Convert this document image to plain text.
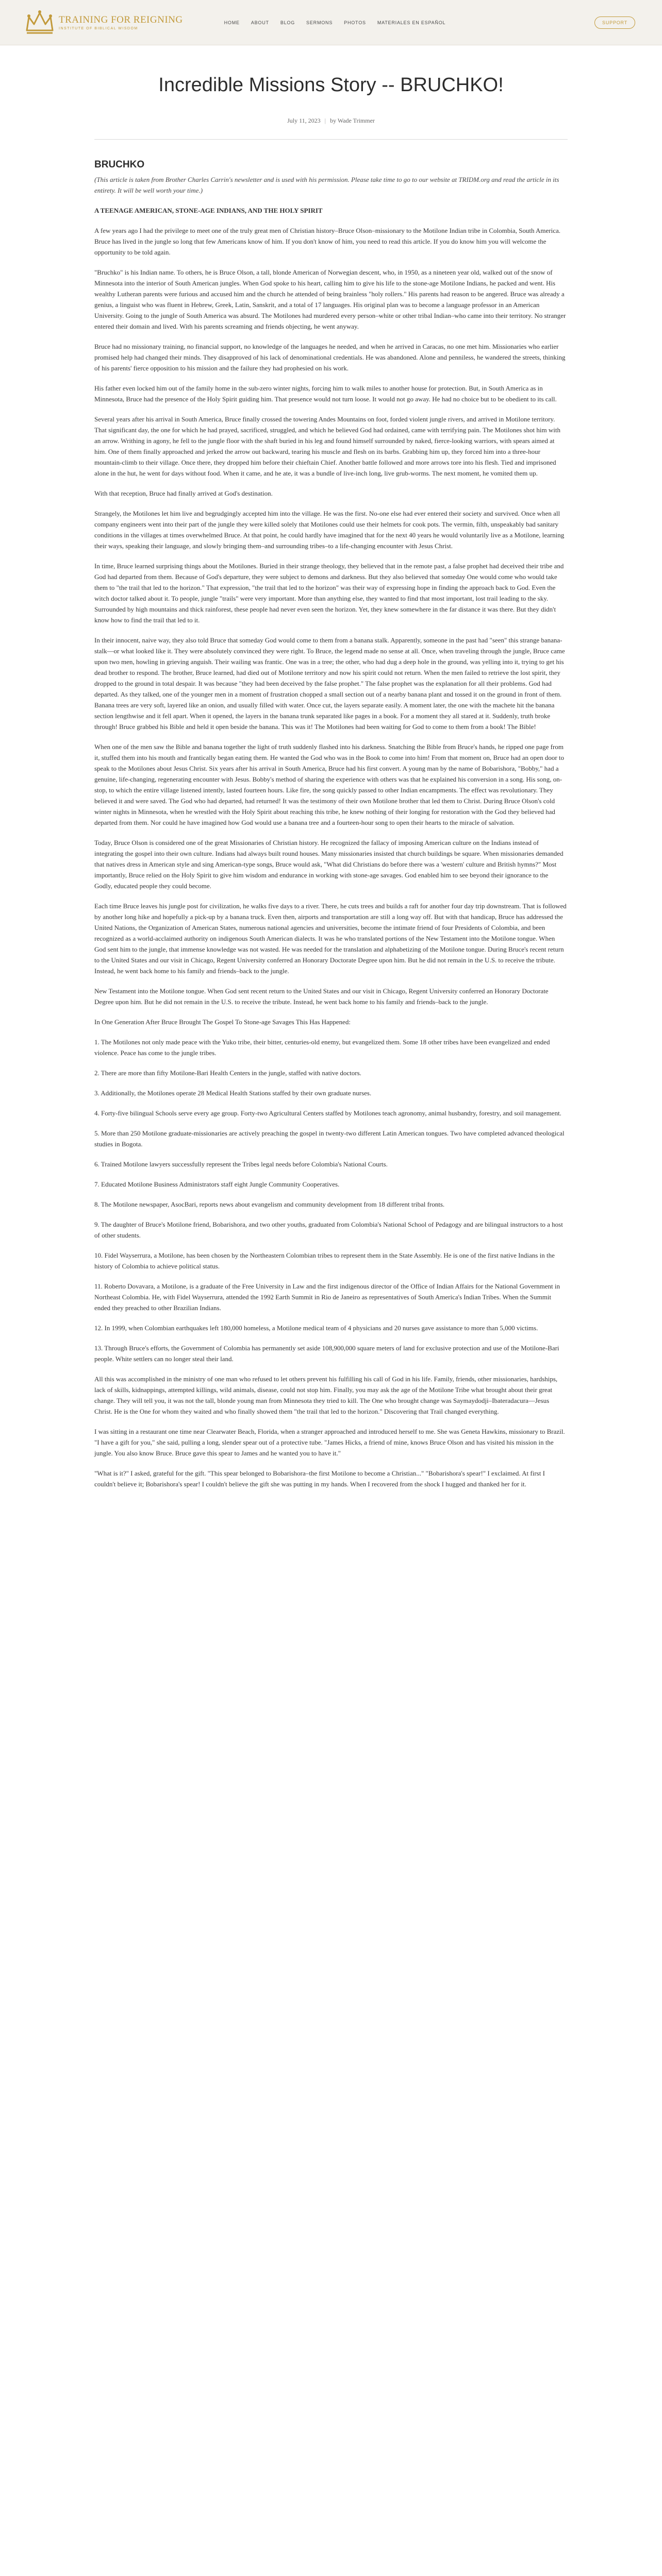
TRAINING FOR REIGNING
INSTITUTE OF BIBLICAL WISDOM
HOME ABOUT BLOG SERMONS PHOTOS MATERIALES EN ESPAÑOL	SUPPORT
Incredible Missions Story -- BRUCHKO!
July 11, 2023 | by Wade Trimmer
BRUCHKO

(This article is taken from Brother Charles Carrin's newsletter and is used with his permission. Please take time to go to our website at TRIDM.org and read the article in its entirety. It will be well worth your time.)

A TEENAGE AMERICAN, STONE-AGE INDIANS, AND THE HOLY SPIRIT

A few years ago I had the privilege to meet one of the truly great men of Christian history–Bruce Olson–missionary to the Motilone Indian tribe in Colombia, South America. Bruce has lived in the jungle so long that few Americans know of him. If you don't know of him, you need to read this article. If you do know him you will welcome the opportunity to be told again.

"Bruchko" is his Indian name. To others, he is Bruce Olson, a tall, blonde American of Norwegian descent, who, in 1950, as a nineteen year old, walked out of the snow of Minnesota into the interior of South American jungles. When God spoke to his heart, calling him to give his life to the stone-age Motilone Indians, he packed and went. His wealthy Lutheran parents were furious and accused him and the church he attended of being brainless "holy rollers." His parents had reason to be angered. Bruce was already a genius, a linguist who was fluent in Hebrew, Greek, Latin, Sanskrit, and a total of 17 languages. His original plan was to become a language professor in an American University. Going to the jungle of South America was absurd. The Motilones had murdered every person–white or other tribal Indian–who came into their territory. No stranger entered their domain and lived. With his parents screaming and friends objecting, he went anyway.

Bruce had no missionary training, no financial support, no knowledge of the languages he needed, and when he arrived in Caracas, no one met him. Missionaries who earlier promised help had changed their minds. They disapproved of his lack of denominational credentials. He was abandoned. Alone and penniless, he wandered the streets, thinking of his parents' fierce opposition to his mission and the failure they had prophesied on his work.

His father even locked him out of the family home in the sub-zero winter nights, forcing him to walk miles to another house for protection. But, in South America as in Minnesota, Bruce had the presence of the Holy Spirit guiding him. That presence would not turn loose. It would not go away. He had no choice but to be obedient to its call.

Several years after his arrival in South America, Bruce finally crossed the towering Andes Mountains on foot, forded violent jungle rivers, and arrived in Motilone territory. That significant day, the one for which he had prayed, sacrificed, struggled, and which he believed God had ordained, came with terrifying pain. The Motilones shot him with an arrow. Writhing in agony, he fell to the jungle floor with the shaft buried in his leg and found himself surrounded by naked, fierce-looking warriors, with spears aimed at him. One of them finally approached and jerked the arrow out backward, tearing his muscle and flesh on its barbs. Grabbing him up, they forced him into a three-hour mountain-climb to their village. Once there, they dropped him before their chieftain Chief. Another battle followed and more arrows tore into his flesh. Tied and imprisoned alone in the hut, he went for days without food. When it came, and he ate, it was a bundle of live-inch long, live grub-worms. The next moment, he vomited them up.

With that reception, Bruce had finally arrived at God's destination.

Strangely, the Motilones let him live and begrudgingly accepted him into the village. He was the first. No-one else had ever entered their society and survived. Once when all company engineers went into their part of the jungle they were killed solely that Motilones could use their helmets for cook pots. The vermin, filth, unspeakably bad sanitary conditions in the villages at times overwhelmed Bruce. At that point, he could hardly have imagined that for the next 40 years he would voluntarily live as a Motilone, learning their ways, speaking their language, and slowly bringing them–and surrounding tribes–to a life-changing encounter with Jesus Christ.

In time, Bruce learned surprising things about the Motilones. Buried in their strange theology, they believed that in the remote past, a false prophet had deceived their tribe and God had departed from them. Because of God's departure, they were subject to demons and darkness. But they also believed that someday One would come who would take them to "the trail that led to the horizon." That expression, "the trail that led to the horizon" was their way of expressing hope in finding the approach back to God. Even the witch doctor talked about it. To people, jungle "trails" were very important. More than anything else, they wanted to find that most important, lost trail leading to the sky. Surrounded by high mountains and thick rainforest, these people had never even seen the horizon. Yet, they knew somewhere in the far distance it was there. But they didn't know how to find the trail that led to it.

In their innocent, naive way, they also told Bruce that someday God would come to them from a banana stalk. Apparently, someone in the past had "seen" this strange banana-stalk—or what looked like it. They were absolutely convinced they were right. To Bruce, the legend made no sense at all. Once, when traveling through the jungle, Bruce came upon two men, howling in grieving anguish. Their wailing was frantic. One was in a tree; the other, who had dug a deep hole in the ground, was yelling into it, trying to get his dead brother to respond. The brother, Bruce learned, had died out of Motilone territory and now his spirit could not return. When the men failed to retrieve the lost spirit, they dropped to the ground in total despair. It was because "they had been deceived by the false prophet." The false prophet was the explanation for all their problems. God had departed. As they talked, one of the younger men in a moment of frustration chopped a small section out of a nearby banana plant and tossed it on the ground in front of them. Banana trees are very soft, layered like an onion, and usually filled with water. Once cut, the layers separate easily. A moment later, the one with the machete hit the banana section lengthwise and it fell apart. When it opened, the layers in the banana trunk separated like pages in a book. For a moment they all stared at it. Suddenly, truth broke through! Bruce grabbed his Bible and held it open beside the banana. This was it! The Motilones had been waiting for God to come to them from a book! The Bible!

When one of the men saw the Bible and banana together the light of truth suddenly flashed into his darkness. Snatching the Bible from Bruce's hands, he ripped one page from it, stuffed them into his mouth and frantically began eating them. He wanted the God who was in the Book to come into him! From that moment on, Bruce had an open door to speak to the Motilones about Jesus Christ. Six years after his arrival in South America, Bruce had his first convert. A young man by the name of Bobarishora, "Bobby," had a genuine, life-changing, regenerating encounter with Jesus. Bobby's method of sharing the experience with others was that he explained his conversion in a song. His song, on-stop, to which the entire village listened intently, lasted fourteen hours. Like fire, the song quickly passed to other Indian encampments. The effect was revolutionary. They believed it and were saved. The God who had departed, had returned! It was the testimony of their own Motilone brother that led them to Christ. During Bruce Olson's cold winter nights in Minnesota, when he wrestled with the Holy Spirit about reaching this tribe, he knew nothing of their longing for restoration with the God they believed had departed from them. Nor could he have imagined how God would use a banana tree and a fourteen-hour song to open their hearts to the miracle of salvation.

Today, Bruce Olson is considered one of the great Missionaries of Christian history. He recognized the fallacy of imposing American culture on the Indians instead of integrating the gospel into their own culture. Indians had always built round houses. Many missionaries insisted that church buildings be square. When missionaries demanded that natives dress in American style and sing American-type songs, Bruce would ask, "What did Christians do before there was a 'western' culture and British hymns?" Most importantly, Bruce relied on the Holy Spirit to give him wisdom and endurance in working with stone-age savages. God enabled him to see beyond their ignorance to the Godly, educated people they could become.

Each time Bruce leaves his jungle post for civilization, he walks five days to a river. There, he cuts trees and builds a raft for another four day trip downstream. That is followed by another long hike and hopefully a pick-up by a banana truck. Even then, airports and transportation are still a long way off. But with that handicap, Bruce has addressed the United Nations, the Organization of American States, numerous national agencies and universities, become the intimate friend of four Presidents of Colombia, and been recognized as a world-acclaimed authority on indigenous South American dialects. It was he who translated portions of the New Testament into the Motilone tongue. When God sent him to the jungle, that immense knowledge was not wasted. He was needed for the translation and alphabetizing of the Motilone tongue. During Bruce's recent return to the United States and our visit in Chicago, Regent University conferred an Honorary Doctorate Degree upon him. But he did not remain in the U.S. to receive the tribute. Instead, he went back home to his family and friends–back to the jungle.

New Testament into the Motilone tongue. When God sent recent return to the United States and our visit in Chicago, Regent University conferred an Honorary Doctorate Degree upon him. But he did not remain in the U.S. to receive the tribute. Instead, he went back home to his family and friends–back to the jungle.

In One Generation After Bruce Brought The Gospel To Stone-age Savages This Has Happened:

1. The Motilones not only made peace with the Yuko tribe, their bitter, centuries-old enemy, but evangelized them. Some 18 other tribes have been evangelized and ended violence. Peace has come to the jungle tribes.

2. There are more than fifty Motilone-Bari Health Centers in the jungle, staffed with native doctors.

3. Additionally, the Motilones operate 28 Medical Health Stations staffed by their own graduate nurses.

4. Forty-five bilingual Schools serve every age group. Forty-two Agricultural Centers staffed by Motilones teach agronomy, animal husbandry, forestry, and soil management.

5. More than 250 Motilone graduate-missionaries are actively preaching the gospel in twenty-two different Latin American tongues. Two have completed advanced theological studies in Bogota.

6. Trained Motilone lawyers successfully represent the Tribes legal needs before Colombia's National Courts.

7. Educated Motilone Business Administrators staff eight Jungle Community Cooperatives.

8. The Motilone newspaper, AsocBari, reports news about evangelism and community development from 18 different tribal fronts.

9. The daughter of Bruce's Motilone friend, Bobarishora, and two other youths, graduated from Colombia's National School of Pedagogy and are bilingual instructors to a host of other students.

10. Fidel Wayserrura, a Motilone, has been chosen by the Northeastern Colombian tribes to represent them in the State Assembly. He is one of the first native Indians in the history of Colombia to achieve political status.

11. Roberto Dovavara, a Motilone, is a graduate of the Free University in Law and the first indigenous director of the Office of Indian Affairs for the National Government in Northeast Colombia. He, with Fidel Wayserrura, attended the 1992 Earth Summit in Rio de Janeiro as representatives of South America's Indian Tribes. When the Summit ended they preached to other Brazilian Indians.

12. In 1999, when Colombian earthquakes left 180,000 homeless, a Motilone medical team of 4 physicians and 20 nurses gave assistance to more than 5,000 victims.

13. Through Bruce's efforts, the Government of Colombia has permanently set aside 108,900,000 square meters of land for exclusive protection and use of the Motilone-Bari people. White settlers can no longer steal their land.

All this was accomplished in the ministry of one man who refused to let others prevent his fulfilling his call of God in his life. Family, friends, other missionaries, hardships, lack of skills, kidnappings, attempted killings, wild animals, disease, could not stop him. Finally, you may ask the age of the Motilone Tribe what brought about their great change. They will tell you, it was not the tall, blonde young man from Minnesota they tried to kill. The One who brought change was Saymaydodji–Ibateradacura—Jesus Christ. He is the One for whom they waited and who finally showed them "the trail that led to the horizon." Discovering that Trail changed everything.

I was sitting in a restaurant one time near Clearwater Beach, Florida, when a stranger approached and introduced herself to me. She was Geneta Hawkins, missionary to Brazil. "I have a gift for you," she said, pulling a long, slender spear out of a protective tube. "James Hicks, a friend of mine, knows Bruce Olson and has visited his mission in the jungle. You also know Bruce. Bruce gave this spear to James and he wanted you to have it."

"What is it?" I asked, grateful for the gift. "This spear belonged to Bobarishora–the first Motilone to become a Christian..." "Bobarishora's spear!" I exclaimed. At first I couldn't believe it; Bobarishora's spear! I couldn't believe the gift she was putting in my hands. When I recovered from the shock I hugged and thanked her for it.
